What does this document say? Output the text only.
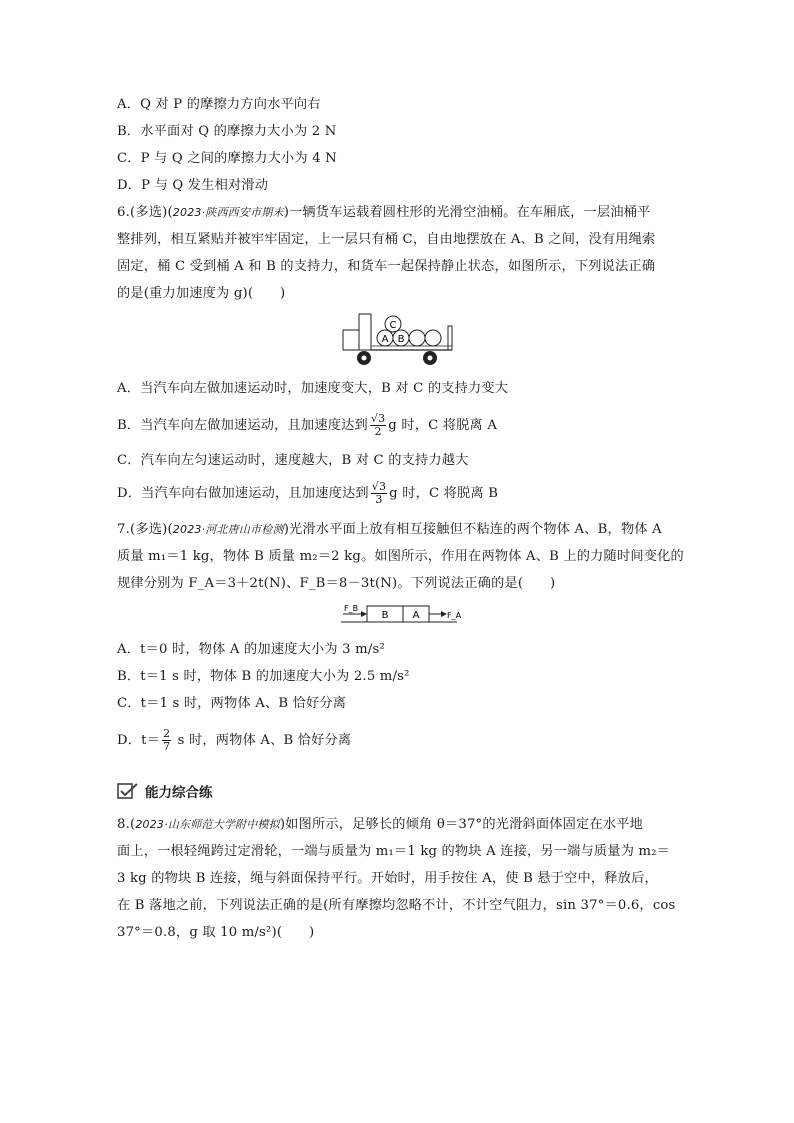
A．Q 对 P 的摩擦力方向水平向右
B．水平面对 Q 的摩擦力大小为 2 N
C．P 与 Q 之间的摩擦力大小为 4 N
D．P 与 Q 发生相对滑动
6.(多选)(2023·陕西西安市期末)一辆货车运载着圆柱形的光滑空油桶。在车厢底，一层油桶平
整排列，相互紧贴并被牢牢固定，上一层只有桶 C，自由地摆放在 A、B 之间，没有用绳索
固定，桶 C 受到桶 A 和 B 的支持力，和货车一起保持静止状态，如图所示，下列说法正确
的是(重力加速度为 g)(　　)
A B
C
A．当汽车向左做加速运动时，加速度变大，B 对 C 的支持力变大
B．当汽车向左做加速运动，且加速度达到 $\frac{√3}{2}$ g 时，C 将脱离 A
C．汽车向左匀速运动时，速度越大，B 对 C 的支持力越大
D．当汽车向右做加速运动，且加速度达到 $\frac{√3}{3}$ g 时，C 将脱离 B
7.(多选)(2023·河北唐山市检测)光滑水平面上放有相互接触但不粘连的两个物体 A、B，物体 A
质量 m₁＝1 kg，物体 B 质量 m₂＝2 kg。如图所示，作用在两物体 A、B 上的力随时间变化的
规律分别为 F_A＝3＋2t(N)、F_B＝8－3t(N)。下列说法正确的是(　　)
F_B
B A	F_A
A．t＝0 时，物体 A 的加速度大小为 3 m/s²
B．t＝1 s 时，物体 B 的加速度大小为 2.5 m/s²
C．t＝1 s 时，两物体 A、B 恰好分离
D．$t= \frac{2}{7}$ s 时，两物体 A、B 恰好分离
能力综合练
8.(2023·山东师范大学附中模拟)如图所示，足够长的倾角 θ＝37°的光滑斜面体固定在水平地
面上，一根轻绳跨过定滑轮，一端与质量为 m₁＝1 kg 的物块 A 连接，另一端与质量为 m₂＝
3 kg 的物块 B 连接，绳与斜面保持平行。开始时，用手按住 A，使 B 悬于空中，释放后，
在 B 落地之前，下列说法正确的是(所有摩擦均忽略不计，不计空气阻力，sin 37°＝0.6，cos
37°＝0.8，g 取 10 m/s²)(　　)
